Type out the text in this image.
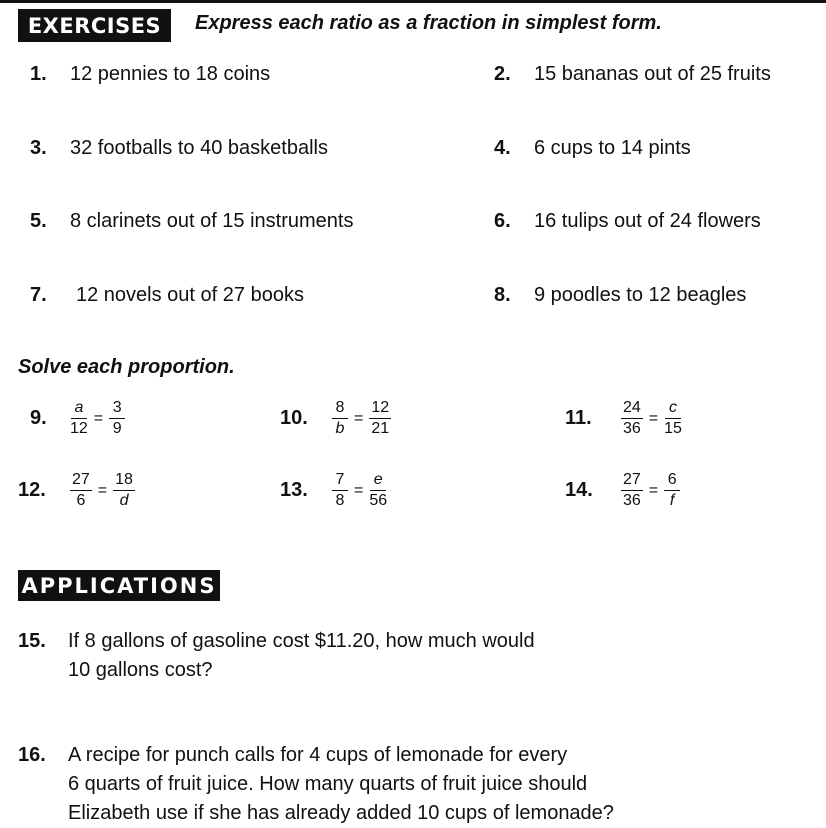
EXERCISES	Express each ratio as a fraction in simplest form.
1. 12 pennies to 18 coins	2. 15 bananas out of 25 fruits
3. 32 footballs to 40 basketballs	4. 6 cups to 14 pints
5. 8 clarinets out of 15 instruments	6. 16 tulips out of 24 flowers
7. 12 novels out of 27 books	8. 9 poodles to 12 beagles
Solve each proportion.
9.	$\frac{a}{12} = \frac{3}{9}$	10.	$\frac{8}{b} = \frac{12}{21}$	11.	$\frac{24}{36} = \frac{c}{15}$
12.	$\frac{27}{6} = \frac{18}{d}$	13.	$\frac{7}{8} = \frac{e}{56}$	14.	$\frac{27}{36} = \frac{6}{f}$
APPLICATIONS
15. If 8 gallons of gasoline cost $11.20, how much would
10 gallons cost?
16. A recipe for punch calls for 4 cups of lemonade for every
6 quarts of fruit juice. How many quarts of fruit juice should
Elizabeth use if she has already added 10 cups of lemonade?
